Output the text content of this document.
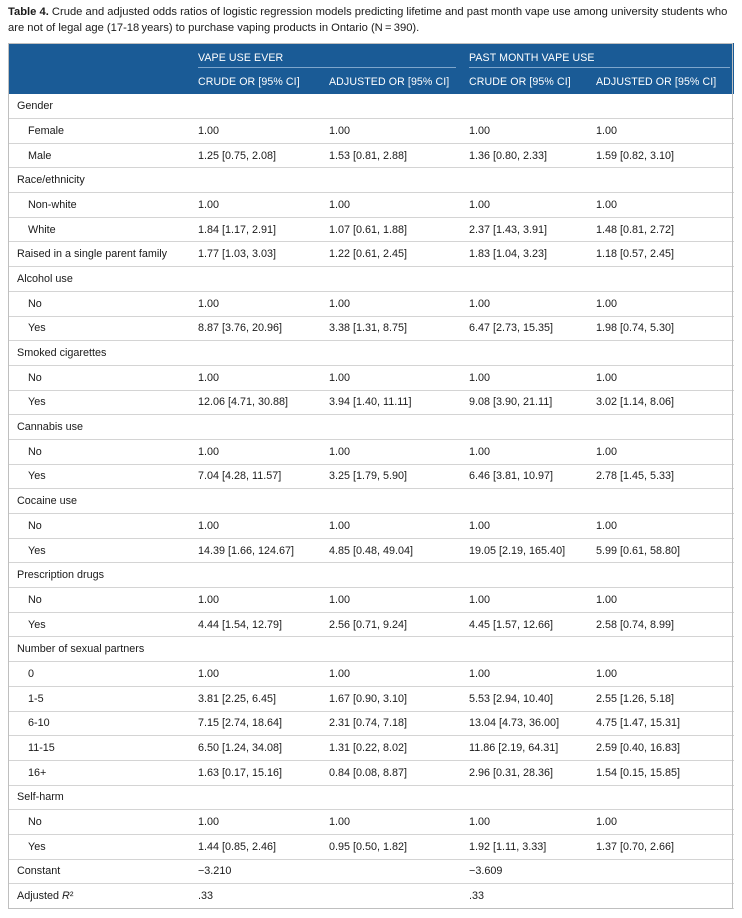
Table 4. Crude and adjusted odds ratios of logistic regression models predicting lifetime and past month vape use among university students who are not of legal age (17-18 years) to purchase vaping products in Ontario (N = 390).

	VAPE USE EVER		PAST MONTH VAPE USE	

	CRUDE OR [95% CI]	ADJUSTED OR [95% CI]	CRUDE OR [95% CI]	ADJUSTED OR [95% CI]
Gender				
Female	1.00	1.00	1.00	1.00
Male	1.25 [0.75, 2.08]	1.53 [0.81, 2.88]	1.36 [0.80, 2.33]	1.59 [0.82, 3.10]
Race/ethnicity				
Non-white	1.00	1.00	1.00	1.00
White	1.84 [1.17, 2.91]	1.07 [0.61, 1.88]	2.37 [1.43, 3.91]	1.48 [0.81, 2.72]
Raised in a single parent family	1.77 [1.03, 3.03]	1.22 [0.61, 2.45]	1.83 [1.04, 3.23]	1.18 [0.57, 2.45]
Alcohol use				
No	1.00	1.00	1.00	1.00
Yes	8.87 [3.76, 20.96]	3.38 [1.31, 8.75]	6.47 [2.73, 15.35]	1.98 [0.74, 5.30]
Smoked cigarettes				
No	1.00	1.00	1.00	1.00
Yes	12.06 [4.71, 30.88]	3.94 [1.40, 11.11]	9.08 [3.90, 21.11]	3.02 [1.14, 8.06]
Cannabis use				
No	1.00	1.00	1.00	1.00
Yes	7.04 [4.28, 11.57]	3.25 [1.79, 5.90]	6.46 [3.81, 10.97]	2.78 [1.45, 5.33]
Cocaine use				
No	1.00	1.00	1.00	1.00
Yes	14.39 [1.66, 124.67]	4.85 [0.48, 49.04]	19.05 [2.19, 165.40]	5.99 [0.61, 58.80]
Prescription drugs				
No	1.00	1.00	1.00	1.00
Yes	4.44 [1.54, 12.79]	2.56 [0.71, 9.24]	4.45 [1.57, 12.66]	2.58 [0.74, 8.99]
Number of sexual partners				
0	1.00	1.00	1.00	1.00
1-5	3.81 [2.25, 6.45]	1.67 [0.90, 3.10]	5.53 [2.94, 10.40]	2.55 [1.26, 5.18]
6-10	7.15 [2.74, 18.64]	2.31 [0.74, 7.18]	13.04 [4.73, 36.00]	4.75 [1.47, 15.31]
11-15	6.50 [1.24, 34.08]	1.31 [0.22, 8.02]	11.86 [2.19, 64.31]	2.59 [0.40, 16.83]
16+	1.63 [0.17, 15.16]	0.84 [0.08, 8.87]	2.96 [0.31, 28.36]	1.54 [0.15, 15.85]
Self-harm				
No	1.00	1.00	1.00	1.00
Yes	1.44 [0.85, 2.46]	0.95 [0.50, 1.82]	1.92 [1.11, 3.33]	1.37 [0.70, 2.66]
Constant	−3.210		−3.609	
Adjusted R²	.33		.33	
